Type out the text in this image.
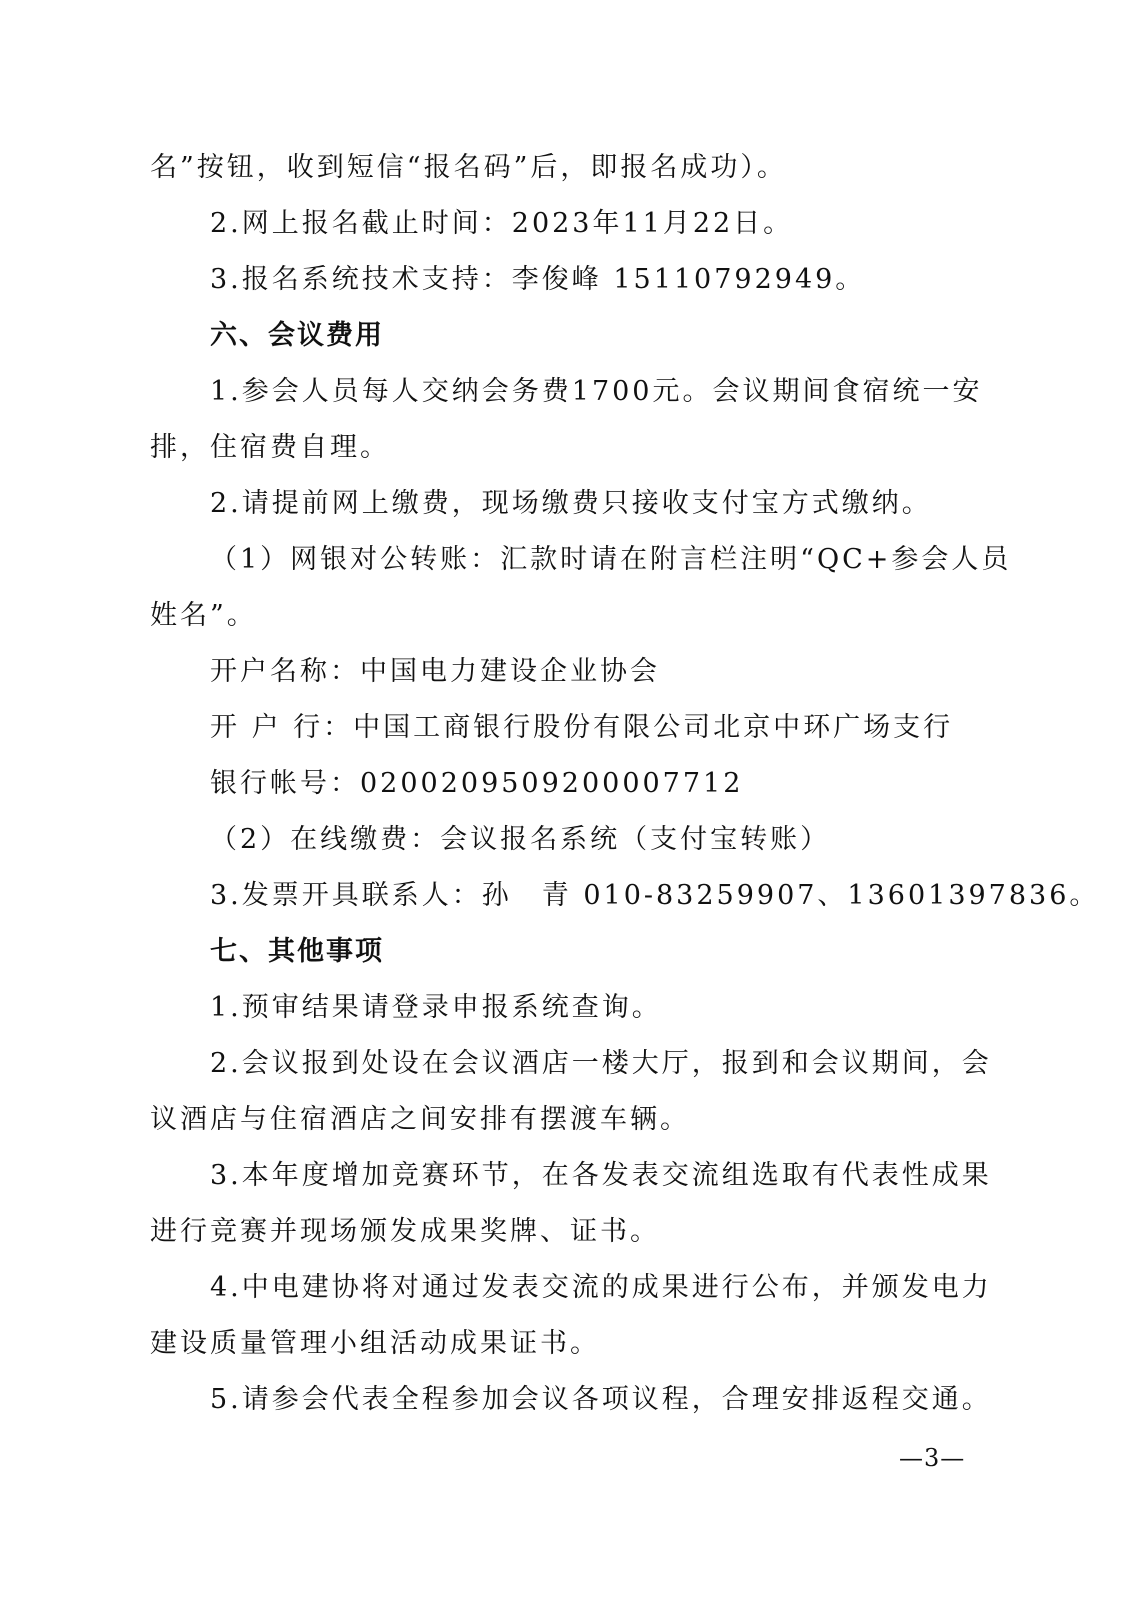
名”按钮，收到短信“报名码”后，即报名成功）。
2.网上报名截止时间：2023年11月22日。
3.报名系统技术支持：李俊峰 15110792949。
六、会议费用
1.参会人员每人交纳会务费1700元。会议期间食宿统一安
排，住宿费自理。
2.请提前网上缴费，现场缴费只接收支付宝方式缴纳。
（1）网银对公转账：汇款时请在附言栏注明“QC+参会人员
姓名”。
开户名称：中国电力建设企业协会
开 户 行：中国工商银行股份有限公司北京中环广场支行
银行帐号：0200209509200007712
（2）在线缴费：会议报名系统（支付宝转账）
3.发票开具联系人：孙　青 010-83259907、13601397836。
七、其他事项
1.预审结果请登录申报系统查询。
2.会议报到处设在会议酒店一楼大厅，报到和会议期间，会
议酒店与住宿酒店之间安排有摆渡车辆。
3.本年度增加竞赛环节，在各发表交流组选取有代表性成果
进行竞赛并现场颁发成果奖牌、证书。
4.中电建协将对通过发表交流的成果进行公布，并颁发电力
建设质量管理小组活动成果证书。
5.请参会代表全程参加会议各项议程，合理安排返程交通。
—3—
